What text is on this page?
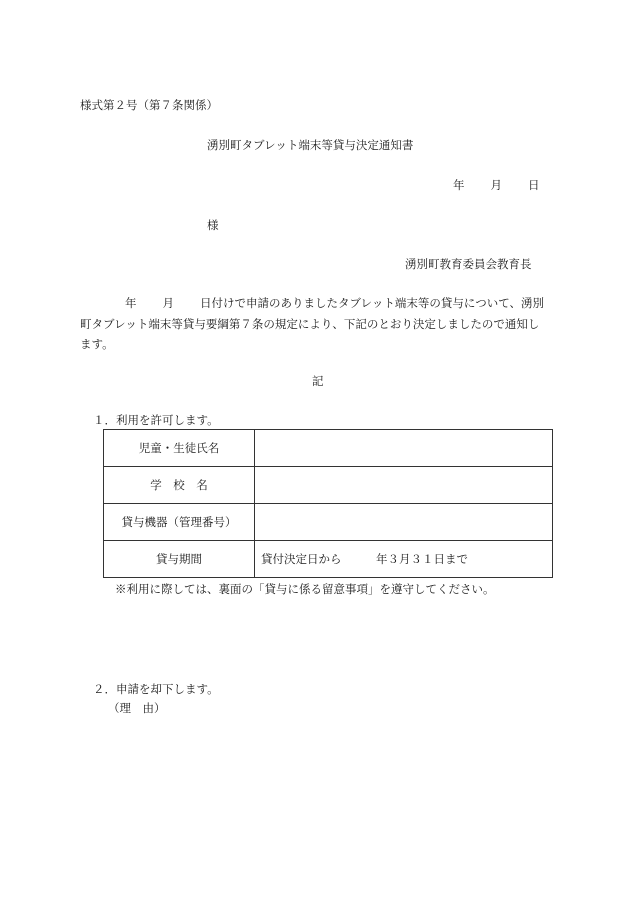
様式第２号（第７条関係）
湧別町タブレット端末等貸与決定通知書
年 月 日
様
湧別町教育委員会教育長
年 月 日付けで申請のありましたタブレット端末等の貸与について、湧別町タブレット端末等貸与要綱第７条の規定により、下記のとおり決定しましたので通知します。
記
１．利用を許可します。
児童・生徒氏名	
学　校　名	
貸与機器（管理番号）	
貸与期間	貸付決定日から　　　年３月３１日まで
※利用に際しては、裏面の「貸与に係る留意事項」を遵守してください。
２．申請を却下します。
（理　由）
